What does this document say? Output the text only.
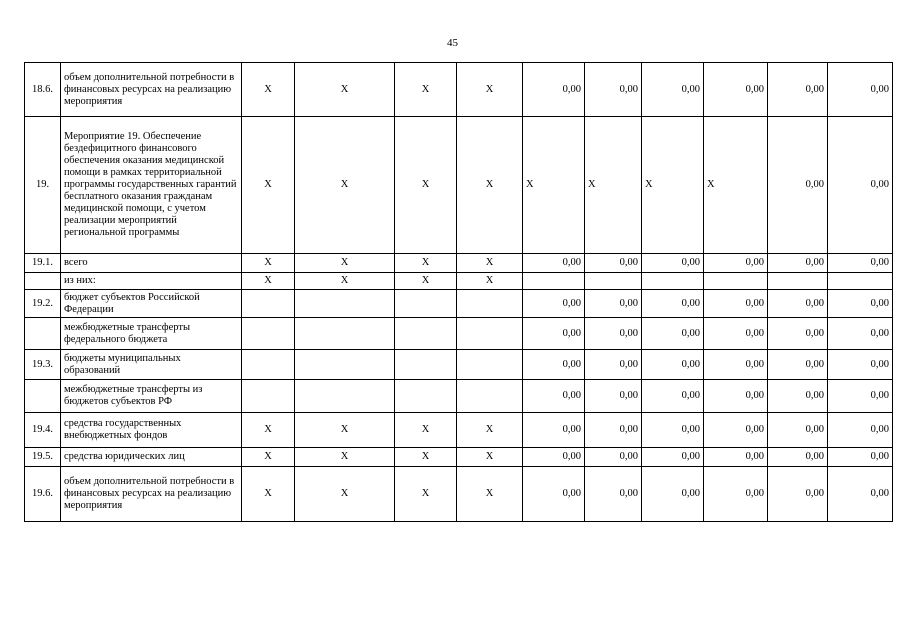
45
18.6.	объем дополнительной потребности в финансовых ресурсах на реализацию мероприятия	X	X	X	X	0,00	0,00	0,00	0,00	0,00	0,00
19.	Мероприятие 19. Обеспечение бездефицитного финансового обеспечения оказания медицинской помощи в рамках территориальной программы государственных гарантий бесплатного оказания гражданам медицинской помощи, с учетом реализации мероприятий региональной программы	X	X	X	X	X	X	X	X	0,00	0,00
19.1.	всего	X	X	X	X	0,00	0,00	0,00	0,00	0,00	0,00
	из них:	X	X	X	X						
19.2.	бюджет субъектов Российской Федерации					0,00	0,00	0,00	0,00	0,00	0,00
	межбюджетные трансферты федерального бюджета					0,00	0,00	0,00	0,00	0,00	0,00
19.3.	бюджеты муниципальных образований					0,00	0,00	0,00	0,00	0,00	0,00
	межбюджетные трансферты из бюджетов субъектов РФ					0,00	0,00	0,00	0,00	0,00	0,00
19.4.	средства государственных внебюджетных фондов	X	X	X	X	0,00	0,00	0,00	0,00	0,00	0,00
19.5.	средства юридических лиц	X	X	X	X	0,00	0,00	0,00	0,00	0,00	0,00
19.6.	объем дополнительной потребности в финансовых ресурсах на реализацию мероприятия	X	X	X	X	0,00	0,00	0,00	0,00	0,00	0,00
